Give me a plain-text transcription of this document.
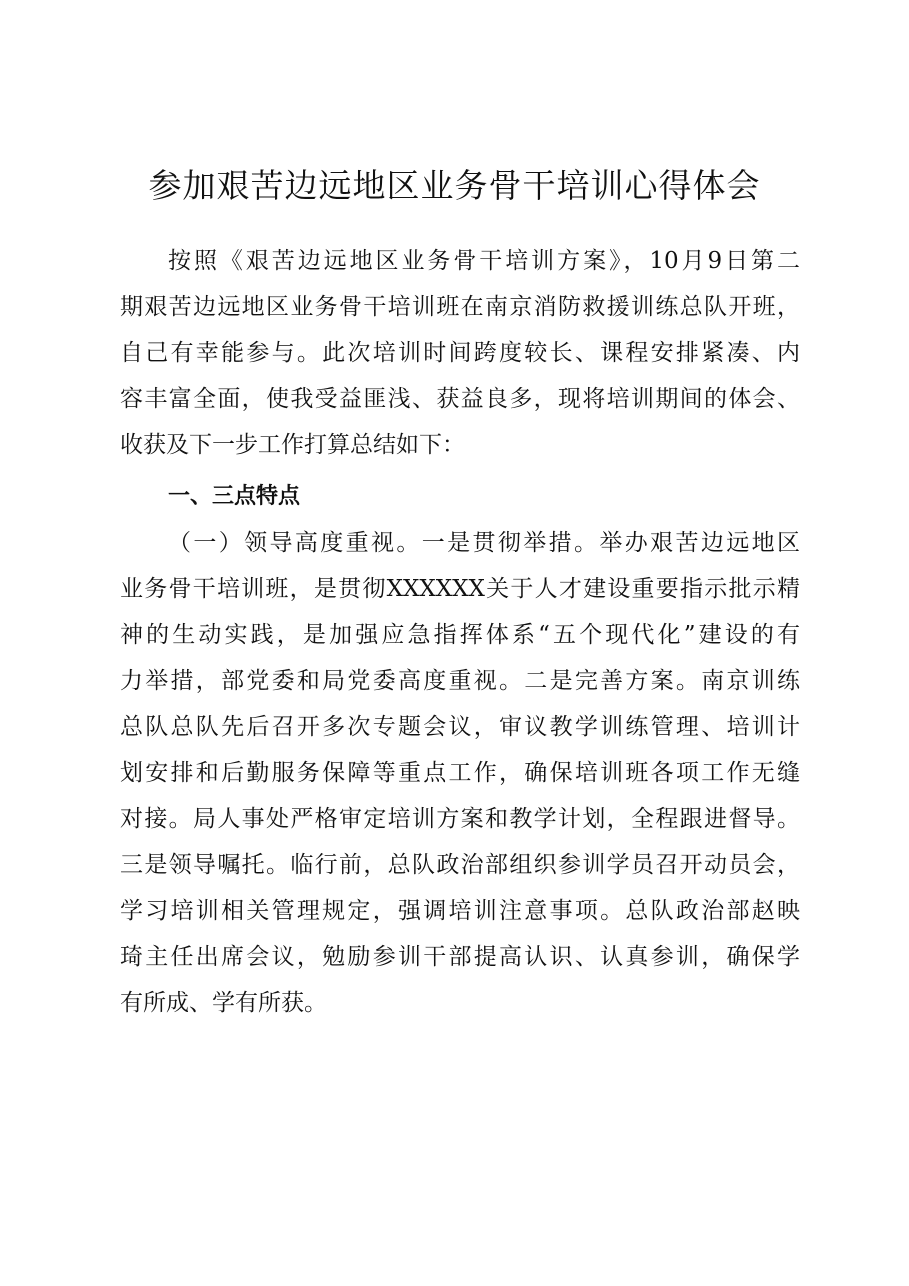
参加艰苦边远地区业务骨干培训心得体会
按照《艰苦边远地区业务骨干培训方案》，10月9日第二
期艰苦边远地区业务骨干培训班在南京消防救援训练总队开班，
自己有幸能参与。此次培训时间跨度较长、课程安排紧凑、内
容丰富全面，使我受益匪浅、获益良多，现将培训期间的体会、
收获及下一步工作打算总结如下：
一、三点特点
（一）领导高度重视。一是贯彻举措。举办艰苦边远地区
业务骨干培训班，是贯彻XXXXXX关于人才建设重要指示批示精
神的生动实践，是加强应急指挥体系“五个现代化”建设的有
力举措，部党委和局党委高度重视。二是完善方案。南京训练
总队总队先后召开多次专题会议，审议教学训练管理、培训计
划安排和后勤服务保障等重点工作，确保培训班各项工作无缝
对接。局人事处严格审定培训方案和教学计划，全程跟进督导。
三是领导嘱托。临行前，总队政治部组织参训学员召开动员会，
学习培训相关管理规定，强调培训注意事项。总队政治部赵映
琦主任出席会议，勉励参训干部提高认识、认真参训，确保学
有所成、学有所获。
